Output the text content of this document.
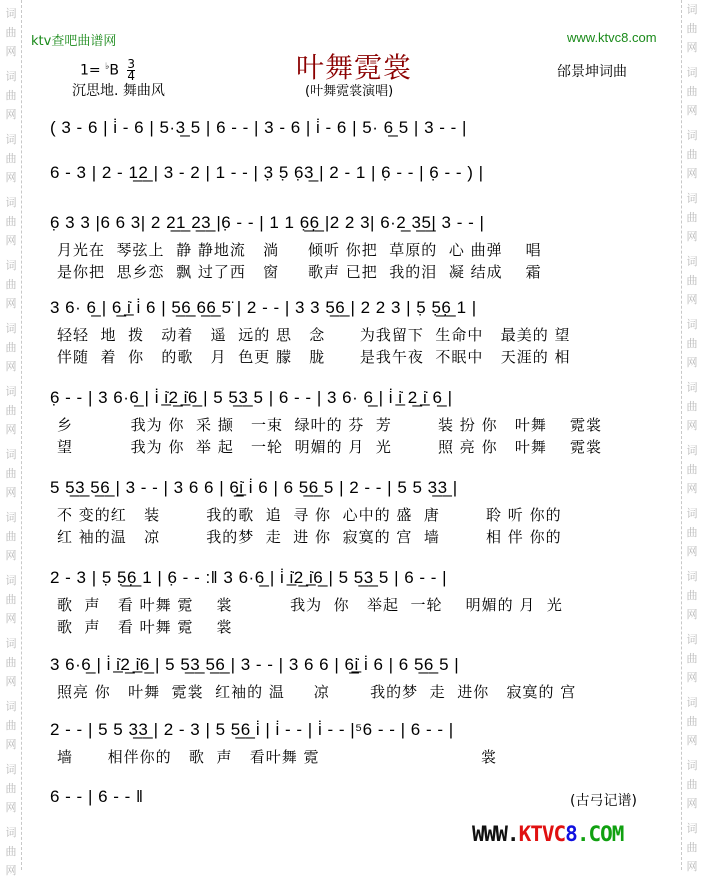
词
曲
网
词
曲
网
词
曲
网
词
曲
网
词
曲
网
词
曲
网
词
曲
网
词
曲
网
词
曲
网
词
曲
网
词
曲
网
词
曲
网
词
曲
网
词
曲
网
词
曲
网
词
曲
网
词
曲
网
词
曲
网
词
曲
网
词
曲
网
词
曲
网
词
曲
网
词
曲
网
词
曲
网
词
曲
网
词
曲
网
词
曲
网
词
曲
网
ktv查吧曲谱网	www.ktvc8.com
$1= ^♭B \frac{3}{4}$
沉思地. 舞曲风
叶舞霓裳
(叶舞霓裳演唱)
邰景坤词曲
( 3 - 6 | i̇ - 6 | 5·3̲ 5 | 6 - - | 3 - 6 | i̇ - 6 | 5· 6̲ 5 | 3 - - |
6 - 3 | 2 - 1̲2̲ | 3 - 2 | 1 - - | 3̣ 5̣ 6̣3̲ | 2 - 1 | 6̣ - - | 6̣ - - ) |
6̣ 3 3 |6 6 3| 2 2̲1̲ 2̲3̲ |6̣ - - | 1 1 6̣̲6̣̲ |2 2 3| 6·2̲ 3̲5̲| 3 - - |
月光在  琴弦上  静 静地流   淌     倾听 你把  草原的  心 曲弹    唱
是你把  思乡恋  飘 过了西   窗     歌声 已把  我的泪  凝 结成    霜
3 6· 6̲ | 6̲ i̲̇ i̇ 6 | 5̲6̲ 6̲6̲ 5̈ | 2 - - | 3 3 5̲6̲ | 2 2 3 | 5̣ 5̣̲6̣̲ 1 |
轻轻  地  拨   动着   遥  远的 思   念      为我留下  生命中   最美的 望
伴随  着  你   的歌   月  色更 朦   胧      是我午夜  不眠中   天涯的 相
6̣ - - | 3 6·6̲ | i̇ i̲̇2̲ i̲̇6̲ | 5 5̲3̲ 5 | 6 - - | 3 6· 6̲ | i̇ i̲̇ 2̲ i̲̇ 6̲ |
乡          我为 你  采 撷   一束  绿叶的 芬  芳        装 扮 你   叶舞    霓裳
望          我为 你  举 起   一轮  明媚的 月  光        照 亮 你   叶舞    霓裳
5 5̲3̲ 5̲6̲ | 3 - - | 3 6 6 | 6̲i̲̇ i̇ 6 | 6 5̲6̲ 5 | 2 - - | 5 5 3̲3̲ |
不 变的红   装        我的歌  追  寻 你  心中的 盛  唐        聆 听 你的
红 袖的温   凉        我的梦  走  进 你  寂寞的 宫  墙        相 伴 你的
2 - 3 | 5̣ 5̣̲6̣̲ 1 | 6̣ - - :‖ 3 6·6̲ | i̇ i̲̇2̲ i̲̇6̲ | 5 5̲3̲ 5 | 6 - - |
歌  声   看 叶舞 霓    裳          我为  你   举起  一轮    明媚的 月  光
歌  声   看 叶舞 霓    裳
3 6·6̲ | i̇ i̲̇2̲ i̲̇6̲ | 5 5̲3̲ 5̲6̲ | 3 - - | 3 6 6 | 6̲i̲̇ i̇ 6 | 6 5̲6̲ 5 |
照亮 你   叶舞  霓裳  红袖的 温     凉       我的梦  走  进你   寂寞的 宫
2 - - | 5 5 3̲3̲ | 2 - 3 | 5 5̲6̲ i̇ | i̇ - - | i̇ - - |⁵6 - - | 6 - - |
墙      相伴你的   歌  声   看叶舞 霓                            裳
6 - - | 6 - - ‖	(古弓记谱)
WWW.KTVC8.COM
